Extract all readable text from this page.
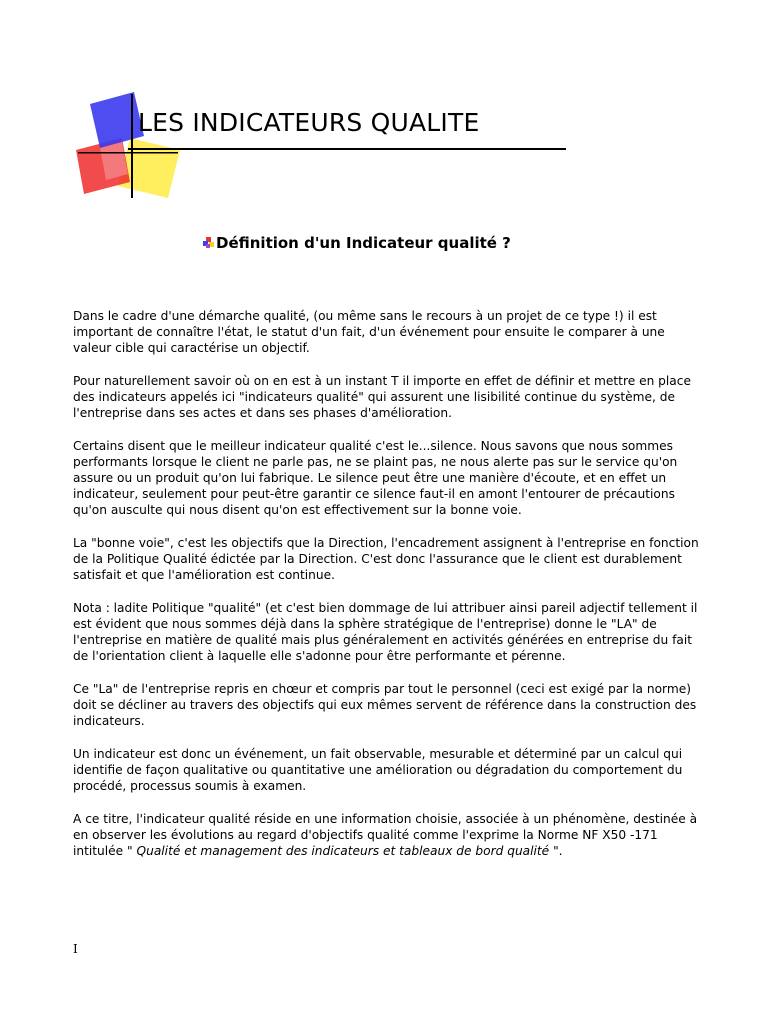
LES INDICATEURS QUALITE
Définition d'un Indicateur qualité ?

Dans le cadre d'une démarche qualité, (ou même sans le recours à un projet de ce type !) il est important de connaître l'état, le statut d'un fait, d'un événement pour ensuite le comparer à une valeur cible qui caractérise un objectif.

Pour naturellement savoir où on en est à un instant T il importe en effet de définir et mettre en place des indicateurs appelés ici "indicateurs qualité" qui assurent une lisibilité continue du système, de l'entreprise dans ses actes et dans ses phases d'amélioration.

Certains disent que le meilleur indicateur qualité c'est le...silence. Nous savons que nous sommes performants lorsque le client ne parle pas, ne se plaint pas, ne nous alerte pas sur le service qu'on assure ou un produit qu'on lui fabrique. Le silence peut être une manière d'écoute, et en effet un indicateur, seulement pour peut-être garantir ce silence faut-il en amont l'entourer de précautions qu'on ausculte qui nous disent qu'on est effectivement sur la bonne voie.

La "bonne voie", c'est les objectifs que la Direction, l'encadrement assignent à l'entreprise en fonction de la Politique Qualité édictée par la Direction. C'est donc l'assurance que le client est durablement satisfait et que l'amélioration est continue.

Nota : ladite Politique "qualité" (et c'est bien dommage de lui attribuer ainsi pareil adjectif tellement il est évident que nous sommes déjà dans la sphère stratégique de l'entreprise) donne le "LA" de l'entreprise en matière de qualité mais plus généralement en activités générées en entreprise du fait de l'orientation client à laquelle elle s'adonne pour être performante et pérenne.

Ce "La" de l'entreprise repris en chœur et compris par tout le personnel (ceci est exigé par la norme) doit se décliner au travers des objectifs qui eux mêmes servent de référence dans la construction des indicateurs.

Un indicateur est donc un événement, un fait observable, mesurable et déterminé par un calcul qui identifie de façon qualitative ou quantitative une amélioration ou dégradation du comportement du procédé, processus soumis à examen.

A ce titre, l'indicateur qualité réside en une information choisie, associée à un phénomène, destinée à en observer les évolutions au regard d'objectifs qualité comme l'exprime la Norme NF X50 -171 intitulée " Qualité et management des indicateurs et tableaux de bord qualité ".

I
